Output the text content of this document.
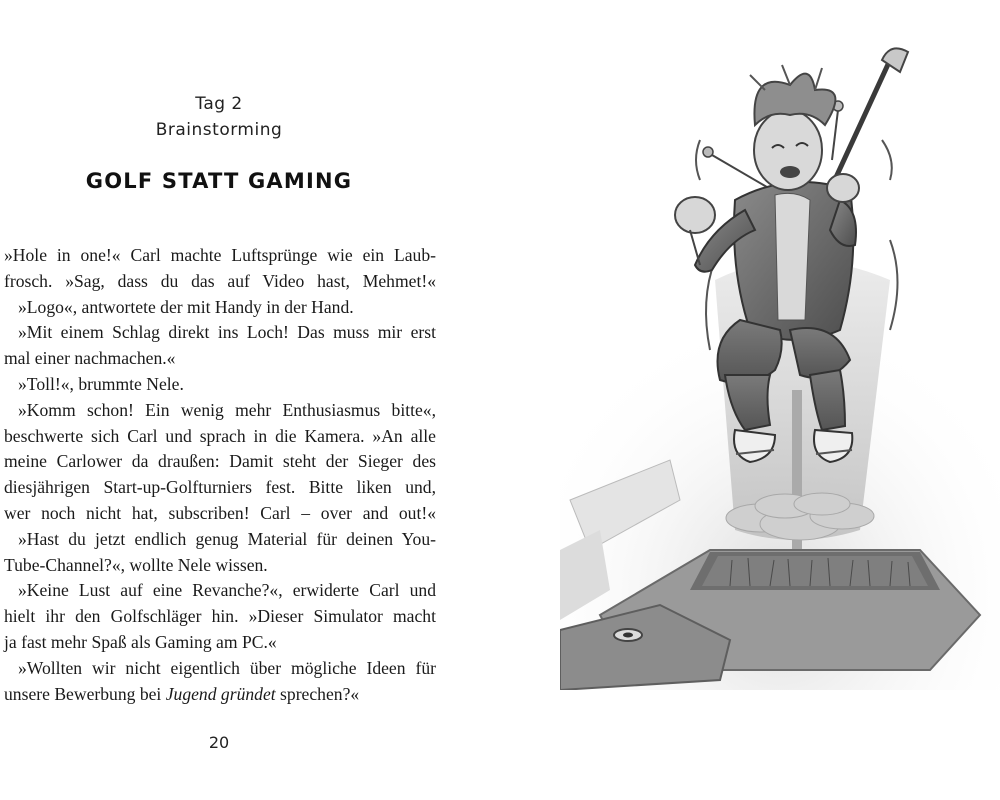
Tag 2
Brainstorming
GOLF STATT GAMING
»Hole in one!« Carl machte Luftsprünge wie ein Laub-
frosch. »Sag, dass du das auf Video hast, Mehmet!«
»Logo«, antwortete der mit Handy in der Hand.
»Mit einem Schlag direkt ins Loch! Das muss mir erst
mal einer nachmachen.«
»Toll!«, brummte Nele.
»Komm schon! Ein wenig mehr Enthusiasmus bitte«,
beschwerte sich Carl und sprach in die Kamera. »An alle
meine Carlower da draußen: Damit steht der Sieger des
diesjährigen Start-up-Golfturniers fest. Bitte liken und,
wer noch nicht hat, subscriben! Carl – over and out!«
»Hast du jetzt endlich genug Material für deinen You-
Tube-Channel?«, wollte Nele wissen.
»Keine Lust auf eine Revanche?«, erwiderte Carl und
hielt ihr den Golfschläger hin. »Dieser Simulator macht
ja fast mehr Spaß als Gaming am PC.«
»Wollten wir nicht eigentlich über mögliche Ideen für
unsere Bewerbung bei Jugend gründet sprechen?«
20
